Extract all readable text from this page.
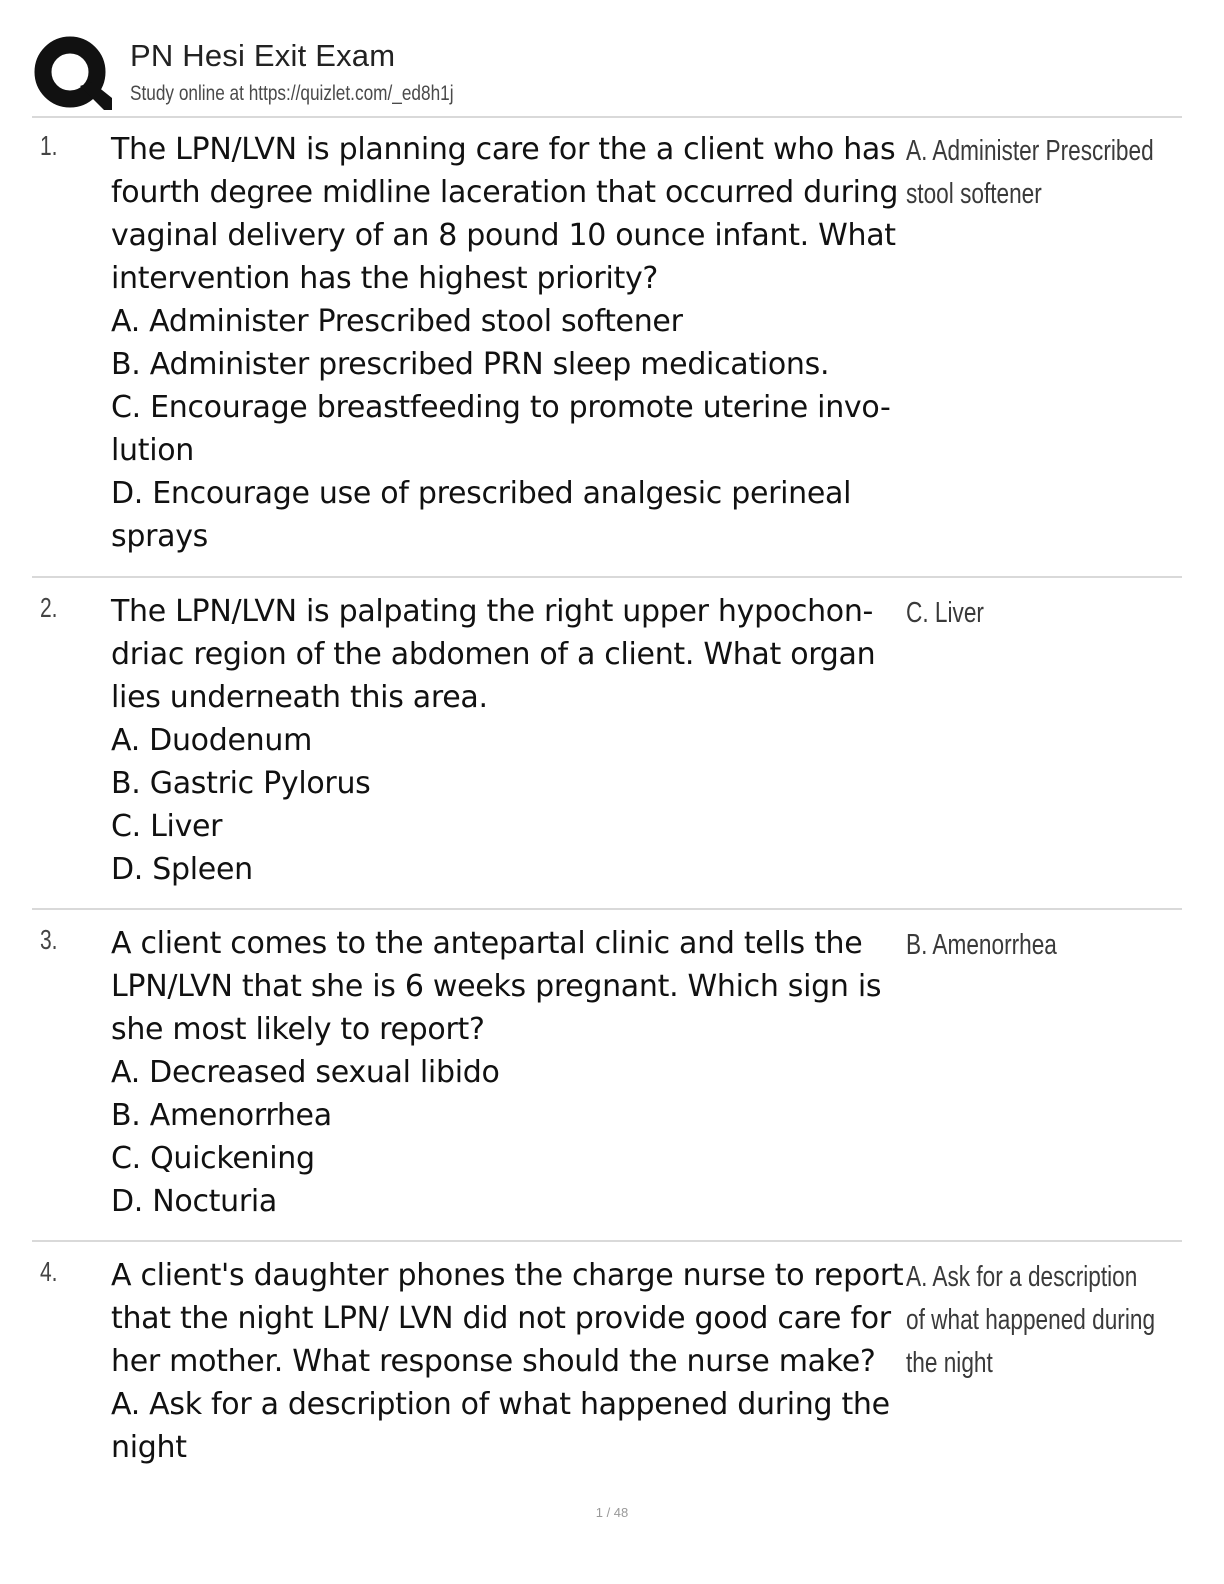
PN Hesi Exit Exam
Study online at https://quizlet.com/_ed8h1j
1. The LPN/LVN is planning care for the a client who has
fourth degree midline laceration that occurred during
vaginal delivery of an 8 pound 10 ounce infant. What
intervention has the highest priority?
A. Administer Prescribed stool softener
B. Administer prescribed PRN sleep medications.
C. Encourage breastfeeding to promote uterine invo-
lution
D. Encourage use of prescribed analgesic perineal
sprays
A. Administer Prescribed
stool softener
2. The LPN/LVN is palpating the right upper hypochon-
driac region of the abdomen of a client. What organ
lies underneath this area.
A. Duodenum
B. Gastric Pylorus
C. Liver
D. Spleen
C. Liver
3. A client comes to the antepartal clinic and tells the
LPN/LVN that she is 6 weeks pregnant. Which sign is
she most likely to report?
A. Decreased sexual libido
B. Amenorrhea
C. Quickening
D. Nocturia
B. Amenorrhea
4. A client's daughter phones the charge nurse to report
that the night LPN/ LVN did not provide good care for
her mother. What response should the nurse make?
A. Ask for a description of what happened during the
night
A. Ask for a description
of what happened during
the night
1 / 48
